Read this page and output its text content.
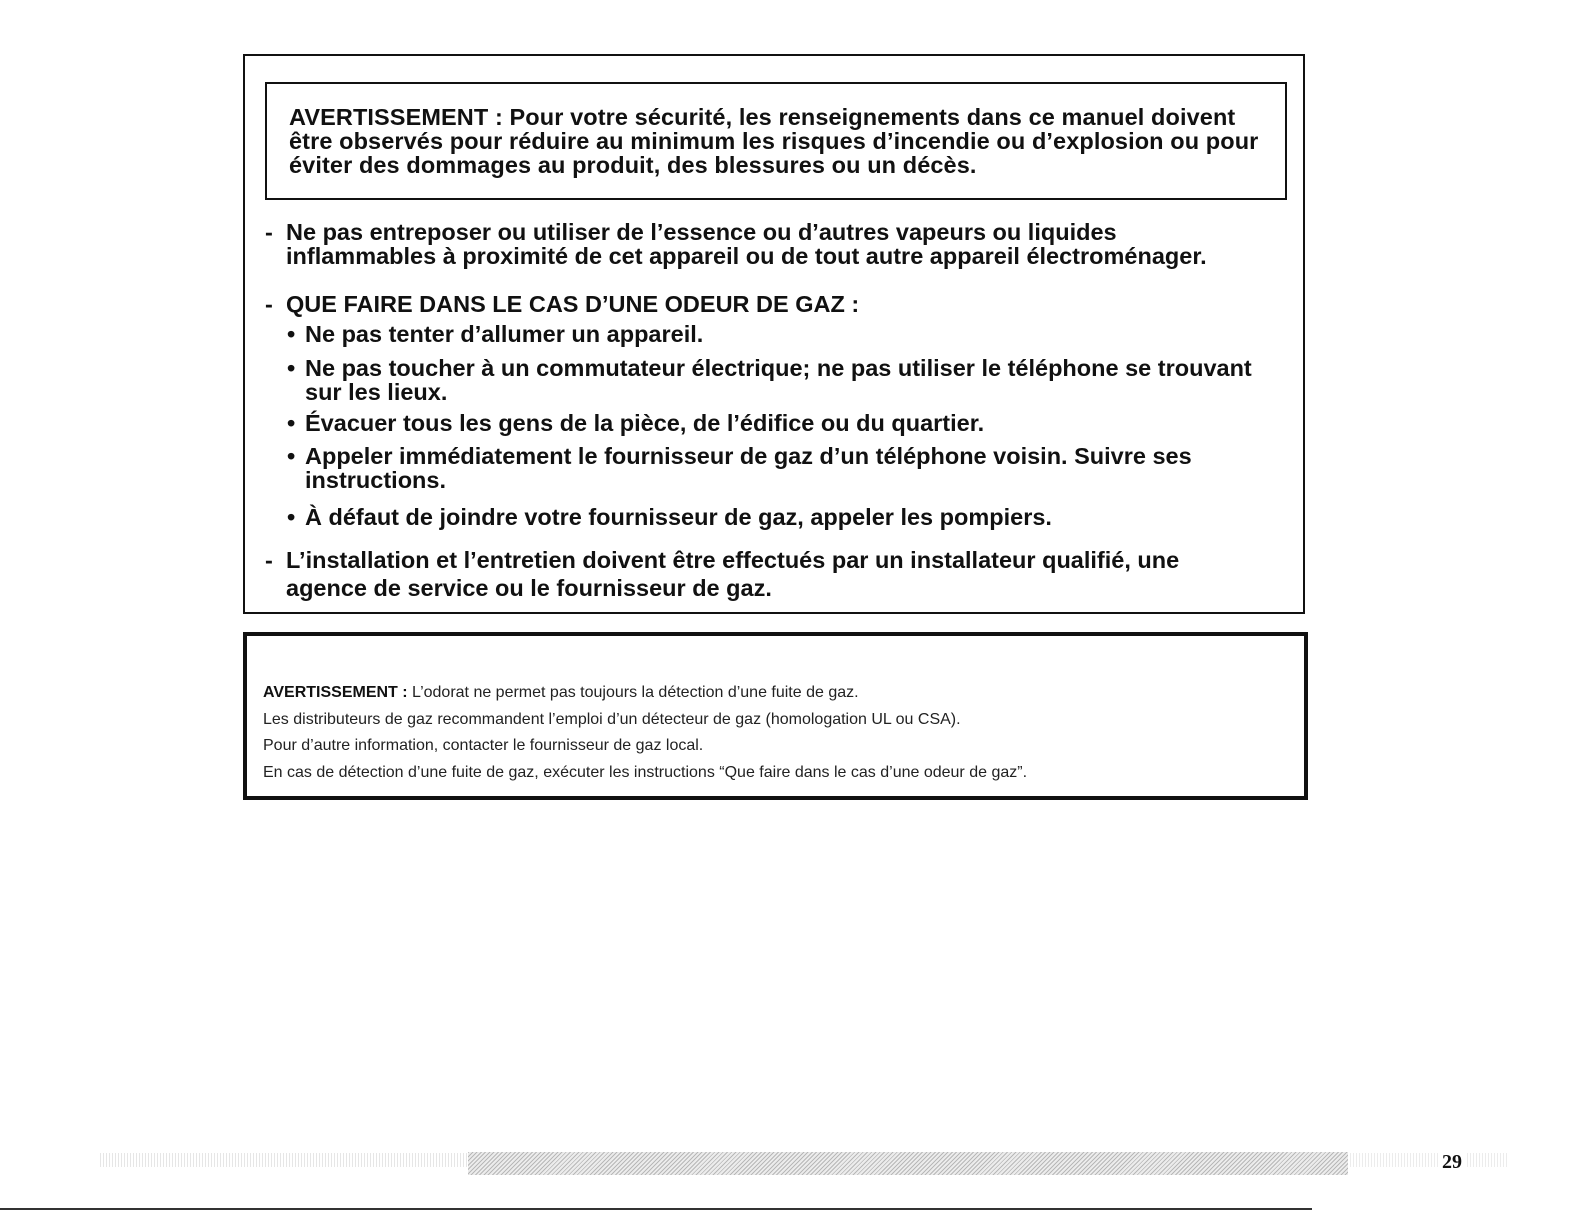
AVERTISSEMENT : Pour votre sécurité, les renseignements dans ce manuel doivent

être observés pour réduire au minimum les risques d’incendie ou d’explosion ou pour

éviter des dommages au produit, des blessures ou un décès.

- Ne pas entreposer ou utiliser de l’essence ou d’autres vapeurs ou liquides
inflammables à proximité de cet appareil ou de tout autre appareil électroménager.
- QUE FAIRE DANS LE CAS D’UNE ODEUR DE GAZ :
• Ne pas tenter d’allumer un appareil.
• Ne pas toucher à un commutateur électrique; ne pas utiliser le téléphone se trouvant
sur les lieux.
• Évacuer tous les gens de la pièce, de l’édifice ou du quartier.
• Appeler immédiatement le fournisseur de gaz d’un téléphone voisin. Suivre ses
instructions.
• À défaut de joindre votre fournisseur de gaz, appeler les pompiers.
- L’installation et l’entretien doivent être effectués par un installateur qualifié, une
agence de service ou le fournisseur de gaz.

AVERTISSEMENT : L’odorat ne permet pas toujours la détection d’une fuite de gaz.

Les distributeurs de gaz recommandent l’emploi d’un détecteur de gaz (homologation UL ou CSA).

Pour d’autre information, contacter le fournisseur de gaz local.

En cas de détection d’une fuite de gaz, exécuter les instructions “Que faire dans le cas d’une odeur de gaz”.

29
